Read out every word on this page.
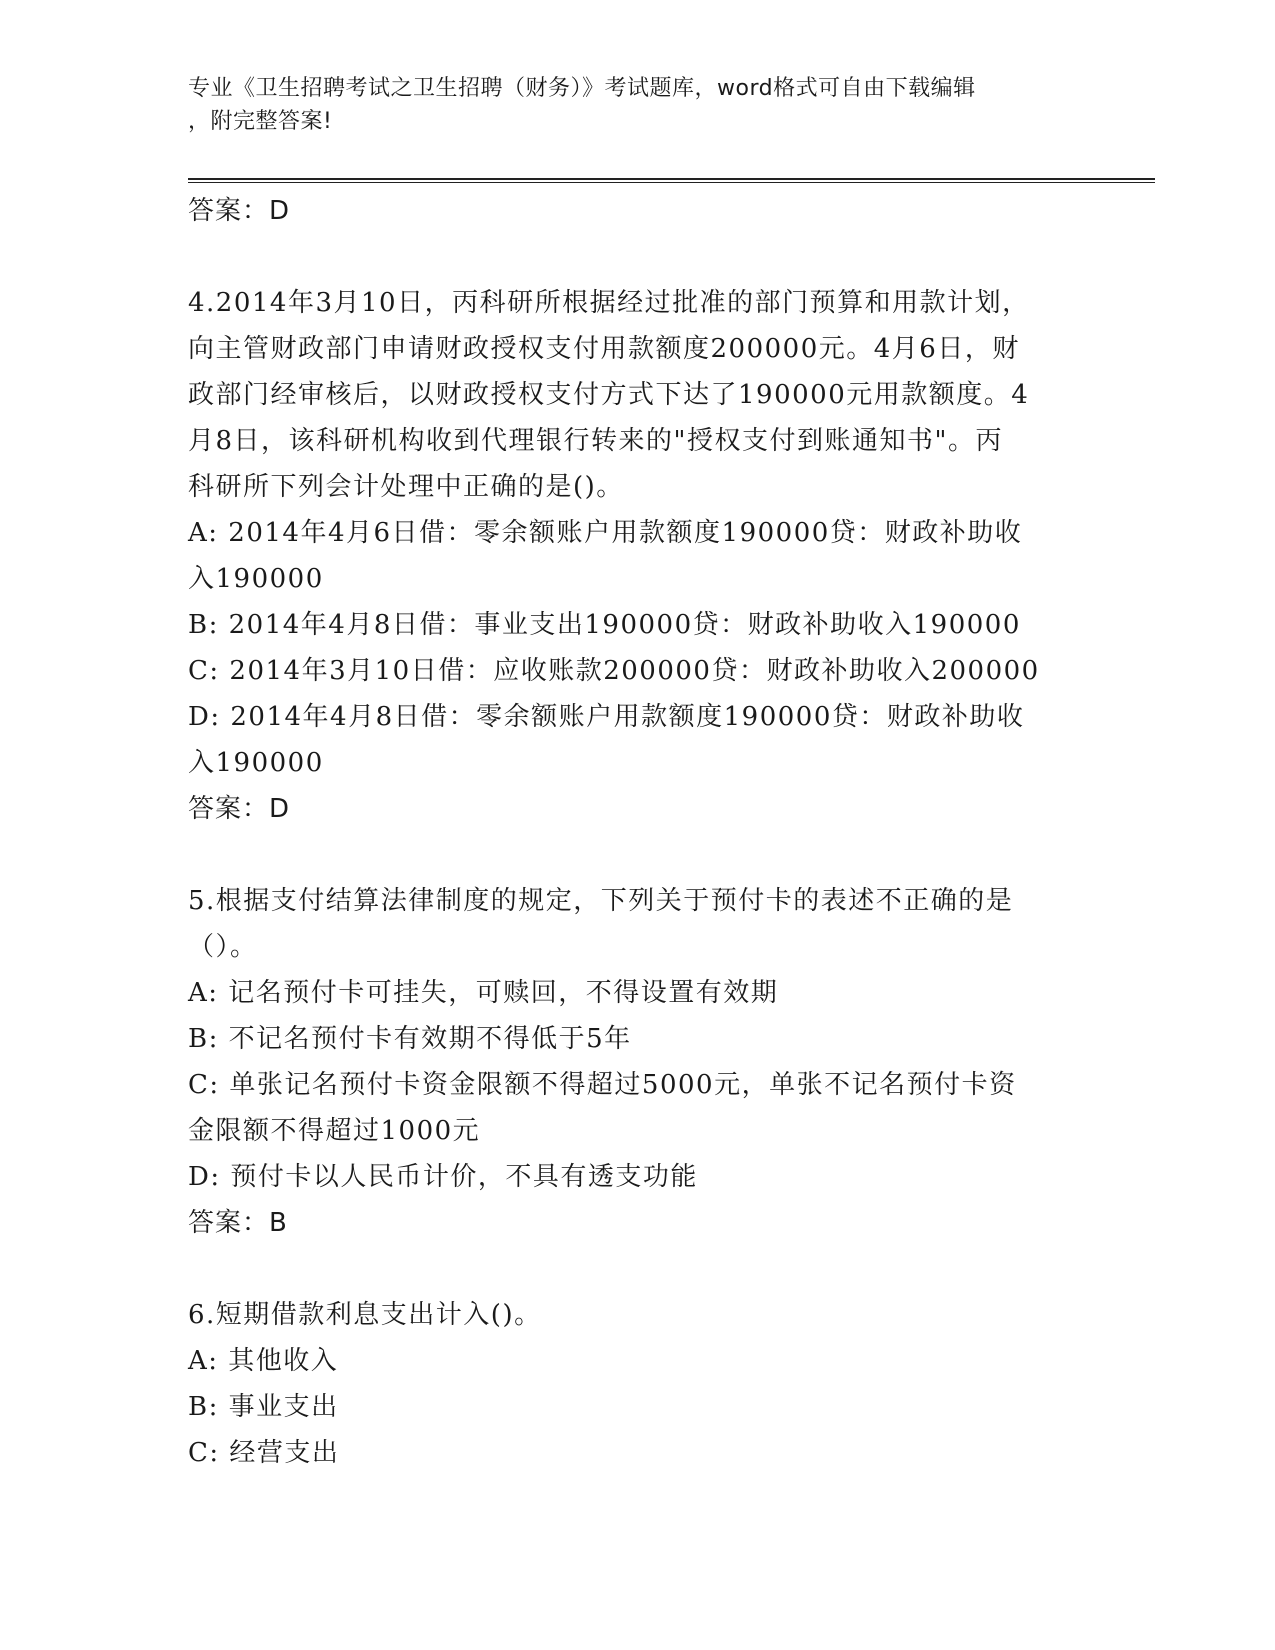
专业《卫生招聘考试之卫生招聘（财务）》考试题库，word格式可自由下载编辑
，附完整答案!
答案：D
4.2014年3月10日，丙科研所根据经过批准的部门预算和用款计划，
向主管财政部门申请财政授权支付用款额度200000元。4月6日，财
政部门经审核后，以财政授权支付方式下达了190000元用款额度。4
月8日，该科研机构收到代理银行转来的"授权支付到账通知书"。丙
科研所下列会计处理中正确的是()。
A: 2014年4月6日借：零余额账户用款额度190000贷：财政补助收
入190000
B: 2014年4月8日借：事业支出190000贷：财政补助收入190000
C: 2014年3月10日借：应收账款200000贷：财政补助收入200000
D: 2014年4月8日借：零余额账户用款额度190000贷：财政补助收
入190000
答案：D
5.根据支付结算法律制度的规定，下列关于预付卡的表述不正确的是
（）。
A: 记名预付卡可挂失，可赎回，不得设置有效期
B: 不记名预付卡有效期不得低于5年
C: 单张记名预付卡资金限额不得超过5000元，单张不记名预付卡资
金限额不得超过1000元
D: 预付卡以人民币计价，不具有透支功能
答案：B
6.短期借款利息支出计入()。
A: 其他收入
B: 事业支出
C: 经营支出
